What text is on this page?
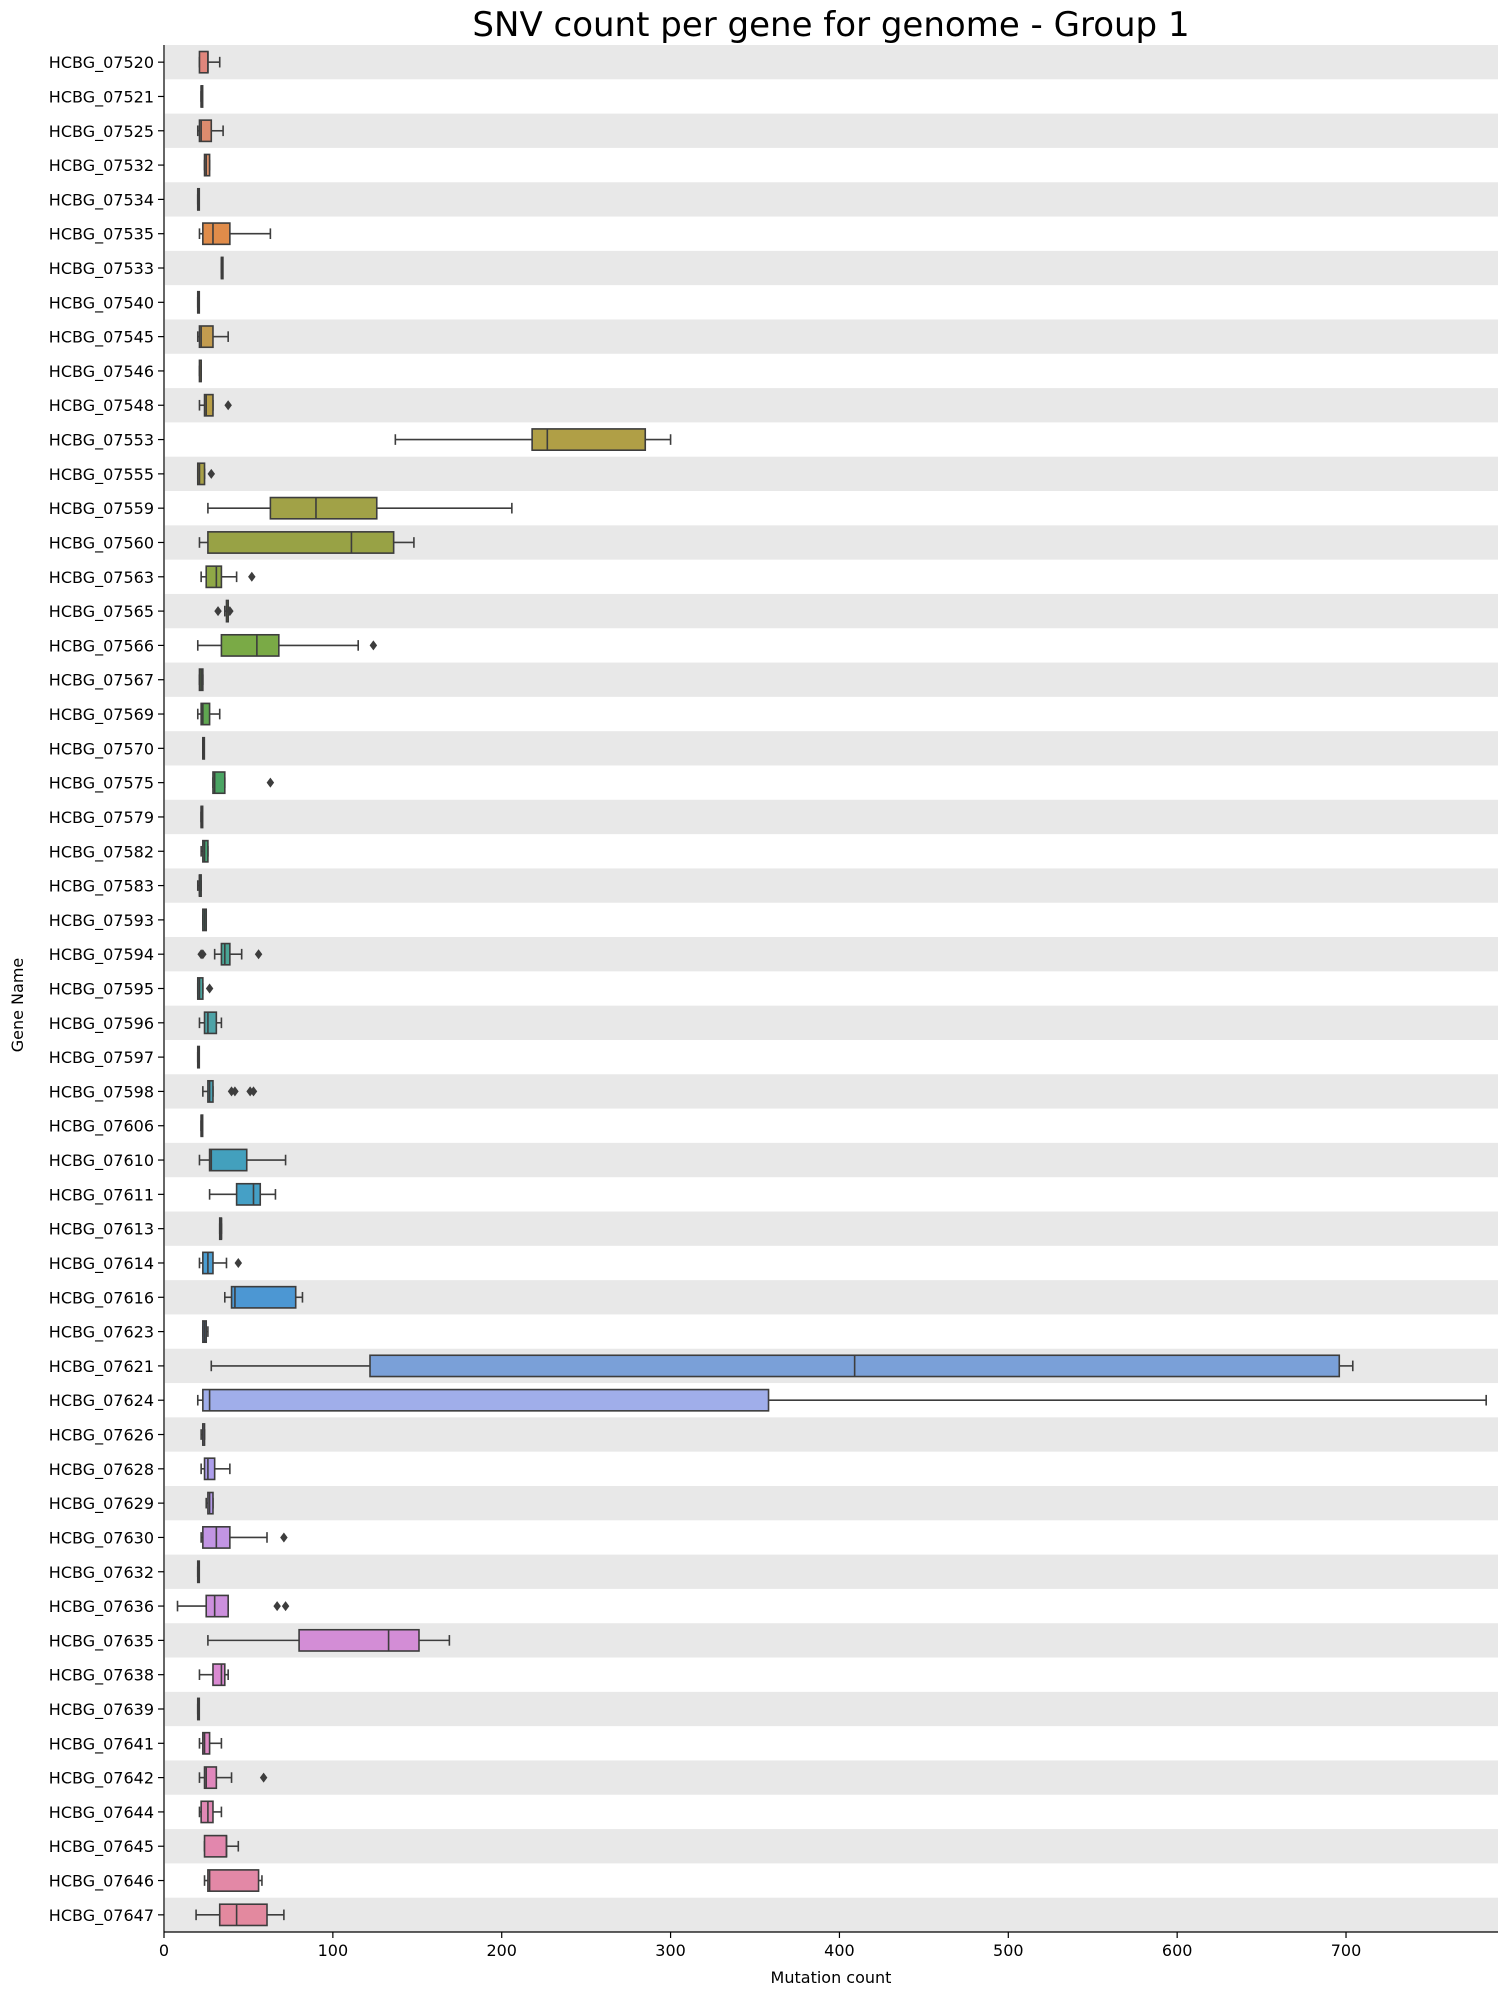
HCBG_07520
HCBG_07521
HCBG_07525
HCBG_07532
HCBG_07534
HCBG_07535
HCBG_07533
HCBG_07540
HCBG_07545
HCBG_07546
HCBG_07548
HCBG_07553
HCBG_07555
HCBG_07559
HCBG_07560
HCBG_07563
HCBG_07565
HCBG_07566
HCBG_07567
HCBG_07569
HCBG_07570
HCBG_07575
HCBG_07579
HCBG_07582
HCBG_07583
HCBG_07593
HCBG_07594
HCBG_07595
HCBG_07596
HCBG_07597
HCBG_07598
HCBG_07606
HCBG_07610
HCBG_07611
HCBG_07613
HCBG_07614
HCBG_07616
HCBG_07623
HCBG_07621
HCBG_07624
HCBG_07626
HCBG_07628
HCBG_07629
HCBG_07630
HCBG_07632
HCBG_07636
HCBG_07635
HCBG_07638
HCBG_07639
HCBG_07641
HCBG_07642
HCBG_07644
HCBG_07645
HCBG_07646
HCBG_07647
0	100	200	300	400	500	600	700
SNV count per gene for genome - Group 1
Mutation count
Gene Name
